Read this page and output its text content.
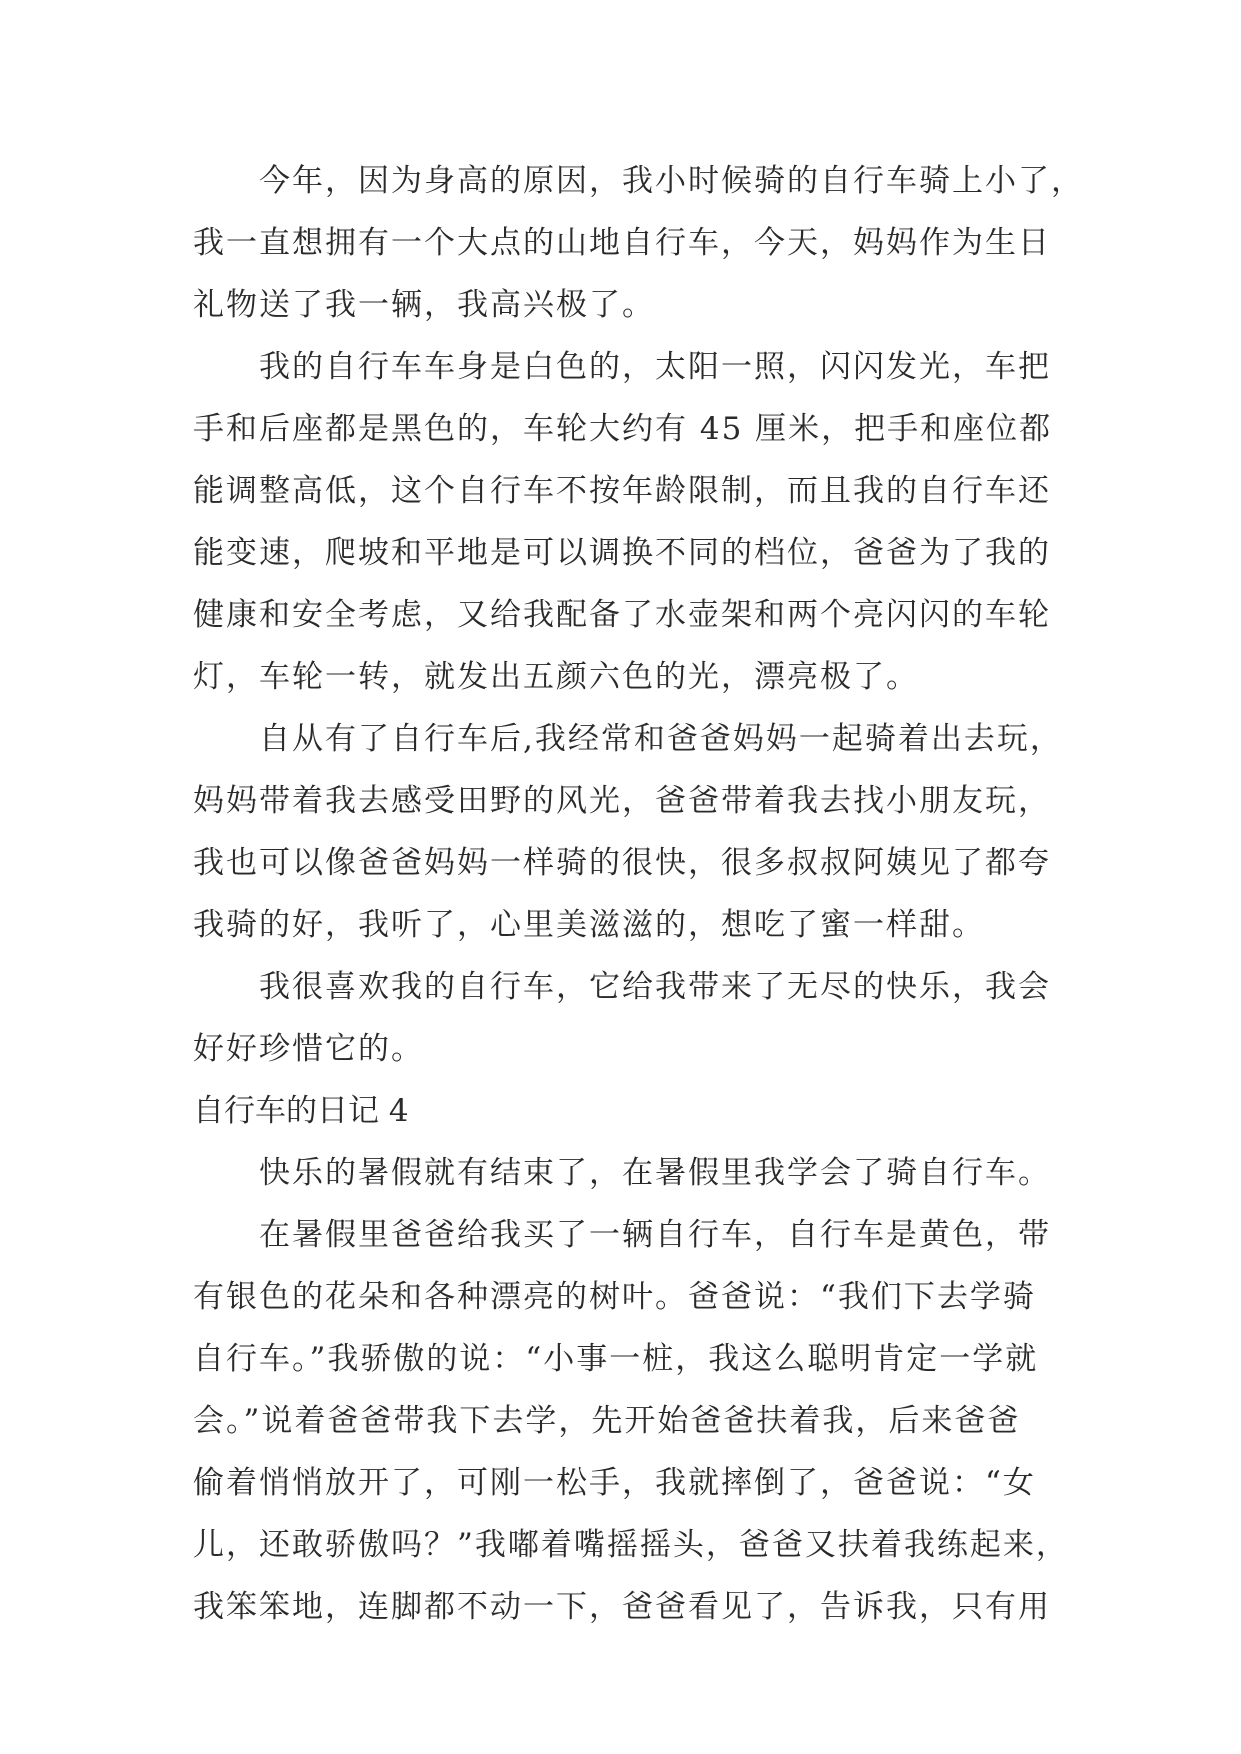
今年，因为身高的原因，我小时候骑的自行车骑上小了，
我一直想拥有一个大点的山地自行车，今天，妈妈作为生日
礼物送了我一辆，我高兴极了。
我的自行车车身是白色的，太阳一照，闪闪发光，车把
手和后座都是黑色的，车轮大约有 45 厘米，把手和座位都
能调整高低，这个自行车不按年龄限制，而且我的自行车还
能变速，爬坡和平地是可以调换不同的档位，爸爸为了我的
健康和安全考虑，又给我配备了水壶架和两个亮闪闪的车轮
灯，车轮一转，就发出五颜六色的光，漂亮极了。
自从有了自行车后,我经常和爸爸妈妈一起骑着出去玩，
妈妈带着我去感受田野的风光，爸爸带着我去找小朋友玩，
我也可以像爸爸妈妈一样骑的很快，很多叔叔阿姨见了都夸
我骑的好，我听了，心里美滋滋的，想吃了蜜一样甜。
我很喜欢我的自行车，它给我带来了无尽的快乐，我会
好好珍惜它的。
自行车的日记 4
快乐的暑假就有结束了，在暑假里我学会了骑自行车。
在暑假里爸爸给我买了一辆自行车，自行车是黄色，带
有银色的花朵和各种漂亮的树叶。爸爸说：“我们下去学骑
自行车。”我骄傲的说：“小事一桩，我这么聪明肯定一学就
会。”说着爸爸带我下去学，先开始爸爸扶着我，后来爸爸
偷着悄悄放开了，可刚一松手，我就摔倒了，爸爸说：“女
儿，还敢骄傲吗？”我嘟着嘴摇摇头，爸爸又扶着我练起来，
我笨笨地，连脚都不动一下，爸爸看见了，告诉我，只有用
